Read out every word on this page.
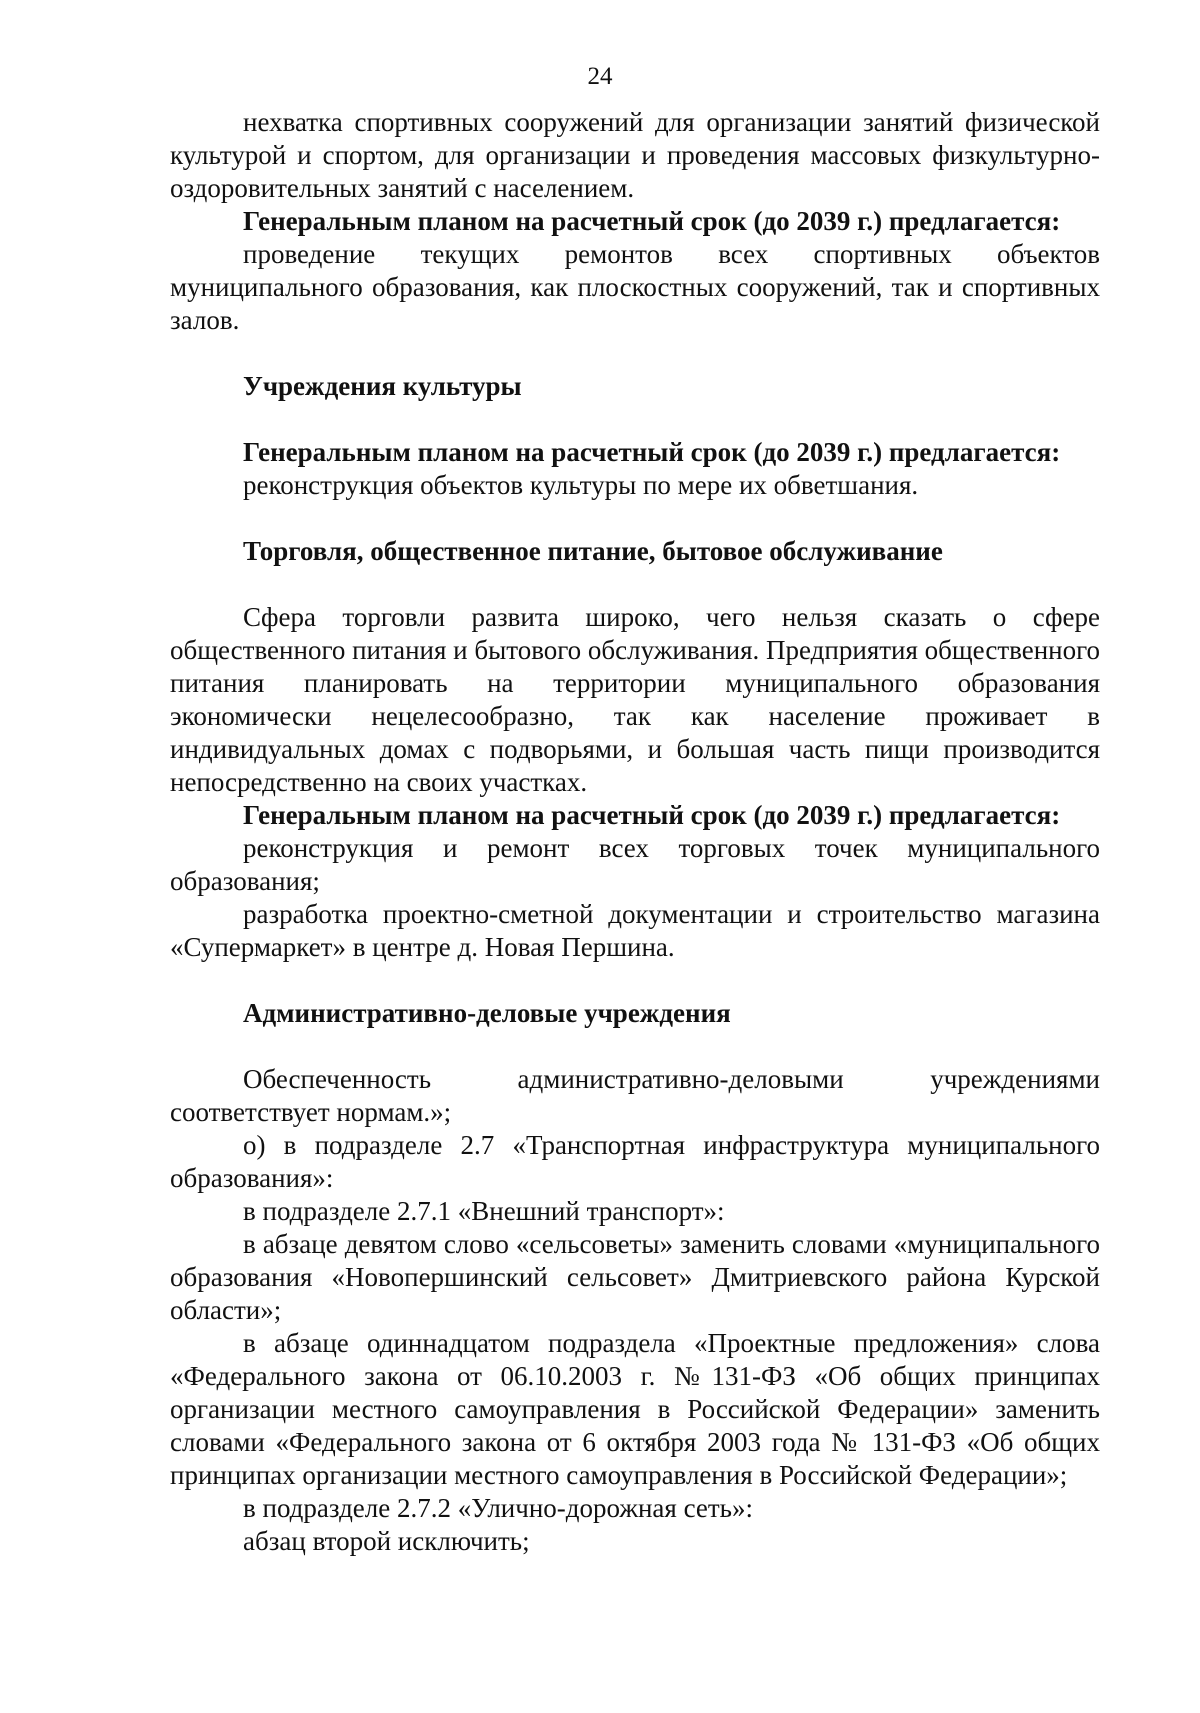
24

нехватка спортивных сооружений для организации занятий физической культурой и спортом, для организации и проведения массовых физкультурно-оздоровительных занятий с населением.

Генеральным планом на расчетный срок (до 2039 г.) предлагается:

проведение текущих ремонтов всех спортивных объектов муниципального образования, как плоскостных сооружений, так и спортивных залов.

Учреждения культуры

Генеральным планом на расчетный срок (до 2039 г.) предлагается:

реконструкция объектов культуры по мере их обветшания.

Торговля, общественное питание, бытовое обслуживание

Сфера торговли развита широко, чего нельзя сказать о сфере общественного питания и бытового обслуживания. Предприятия общественного питания планировать на территории муниципального образования экономически нецелесообразно, так как население проживает в индивидуальных домах с подворьями, и большая часть пищи производится непосредственно на своих участках.

Генеральным планом на расчетный срок (до 2039 г.) предлагается:

реконструкция и ремонт всех торговых точек муниципального образования;

разработка проектно-сметной документации и строительство магазина «Супермаркет» в центре д. Новая Першина.

Административно-деловые учреждения

Обеспеченность административно-деловыми учреждениями соответствует нормам.»;

о) в подразделе 2.7 «Транспортная инфраструктура муниципального образования»:

в подразделе 2.7.1 «Внешний транспорт»:

в абзаце девятом слово «сельсоветы» заменить словами «муниципального образования «Новопершинский сельсовет» Дмитриевского района Курской области»;

в абзаце одиннадцатом подраздела «Проектные предложения» слова «Федерального закона от 06.10.2003 г. №131-ФЗ «Об общих принципах организации местного самоуправления в Российской Федерации» заменить словами «Федерального закона от 6 октября 2003 года № 131-ФЗ «Об общих принципах организации местного самоуправления в Российской Федерации»;

в подразделе 2.7.2 «Улично-дорожная сеть»:

абзац второй исключить;
